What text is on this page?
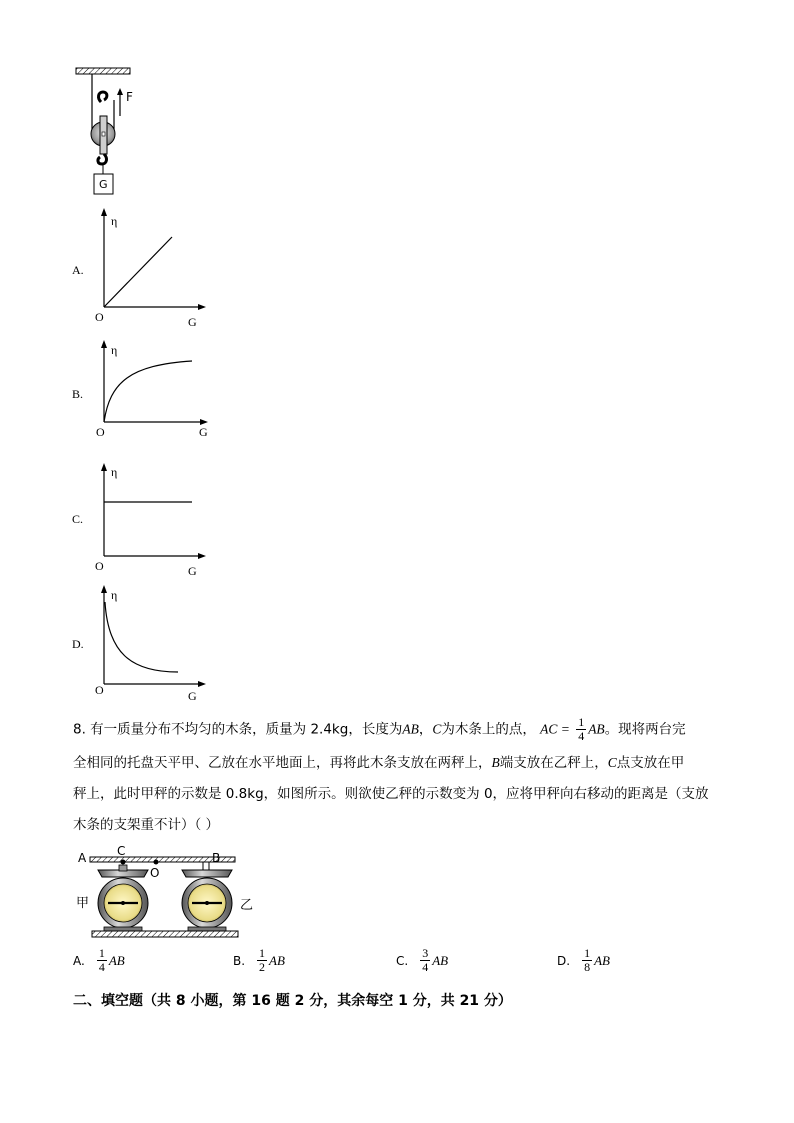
F
G
A.
η
O	G
B.
η
O	G
C.
η
O	G
D.
η
O	G
8. 有一质量分布不均匀的木条，质量为 2.4kg，长度为AB，C为木条上的点， AC = $\frac{1}{4}$ AB。现将两台完
全相同的托盘天平甲、乙放在水平地面上，再将此木条支放在两秤上，B端支放在乙秤上，C点支放在甲
秤上，此时甲秤的示数是 0.8kg，如图所示。则欲使乙秤的示数变为 0，应将甲秤向右移动的距离是（支放
木条的支架重不计）（ ）
A	C
O
B
甲	乙
A. $\frac{1}{4}$ AB	B. $\frac{1}{2}$ AB	C. $\frac{3}{4}$ AB	D. $\frac{1}{8}$ AB
二、填空题（共 8 小题，第 16 题 2 分，其余每空 1 分，共 21 分）
